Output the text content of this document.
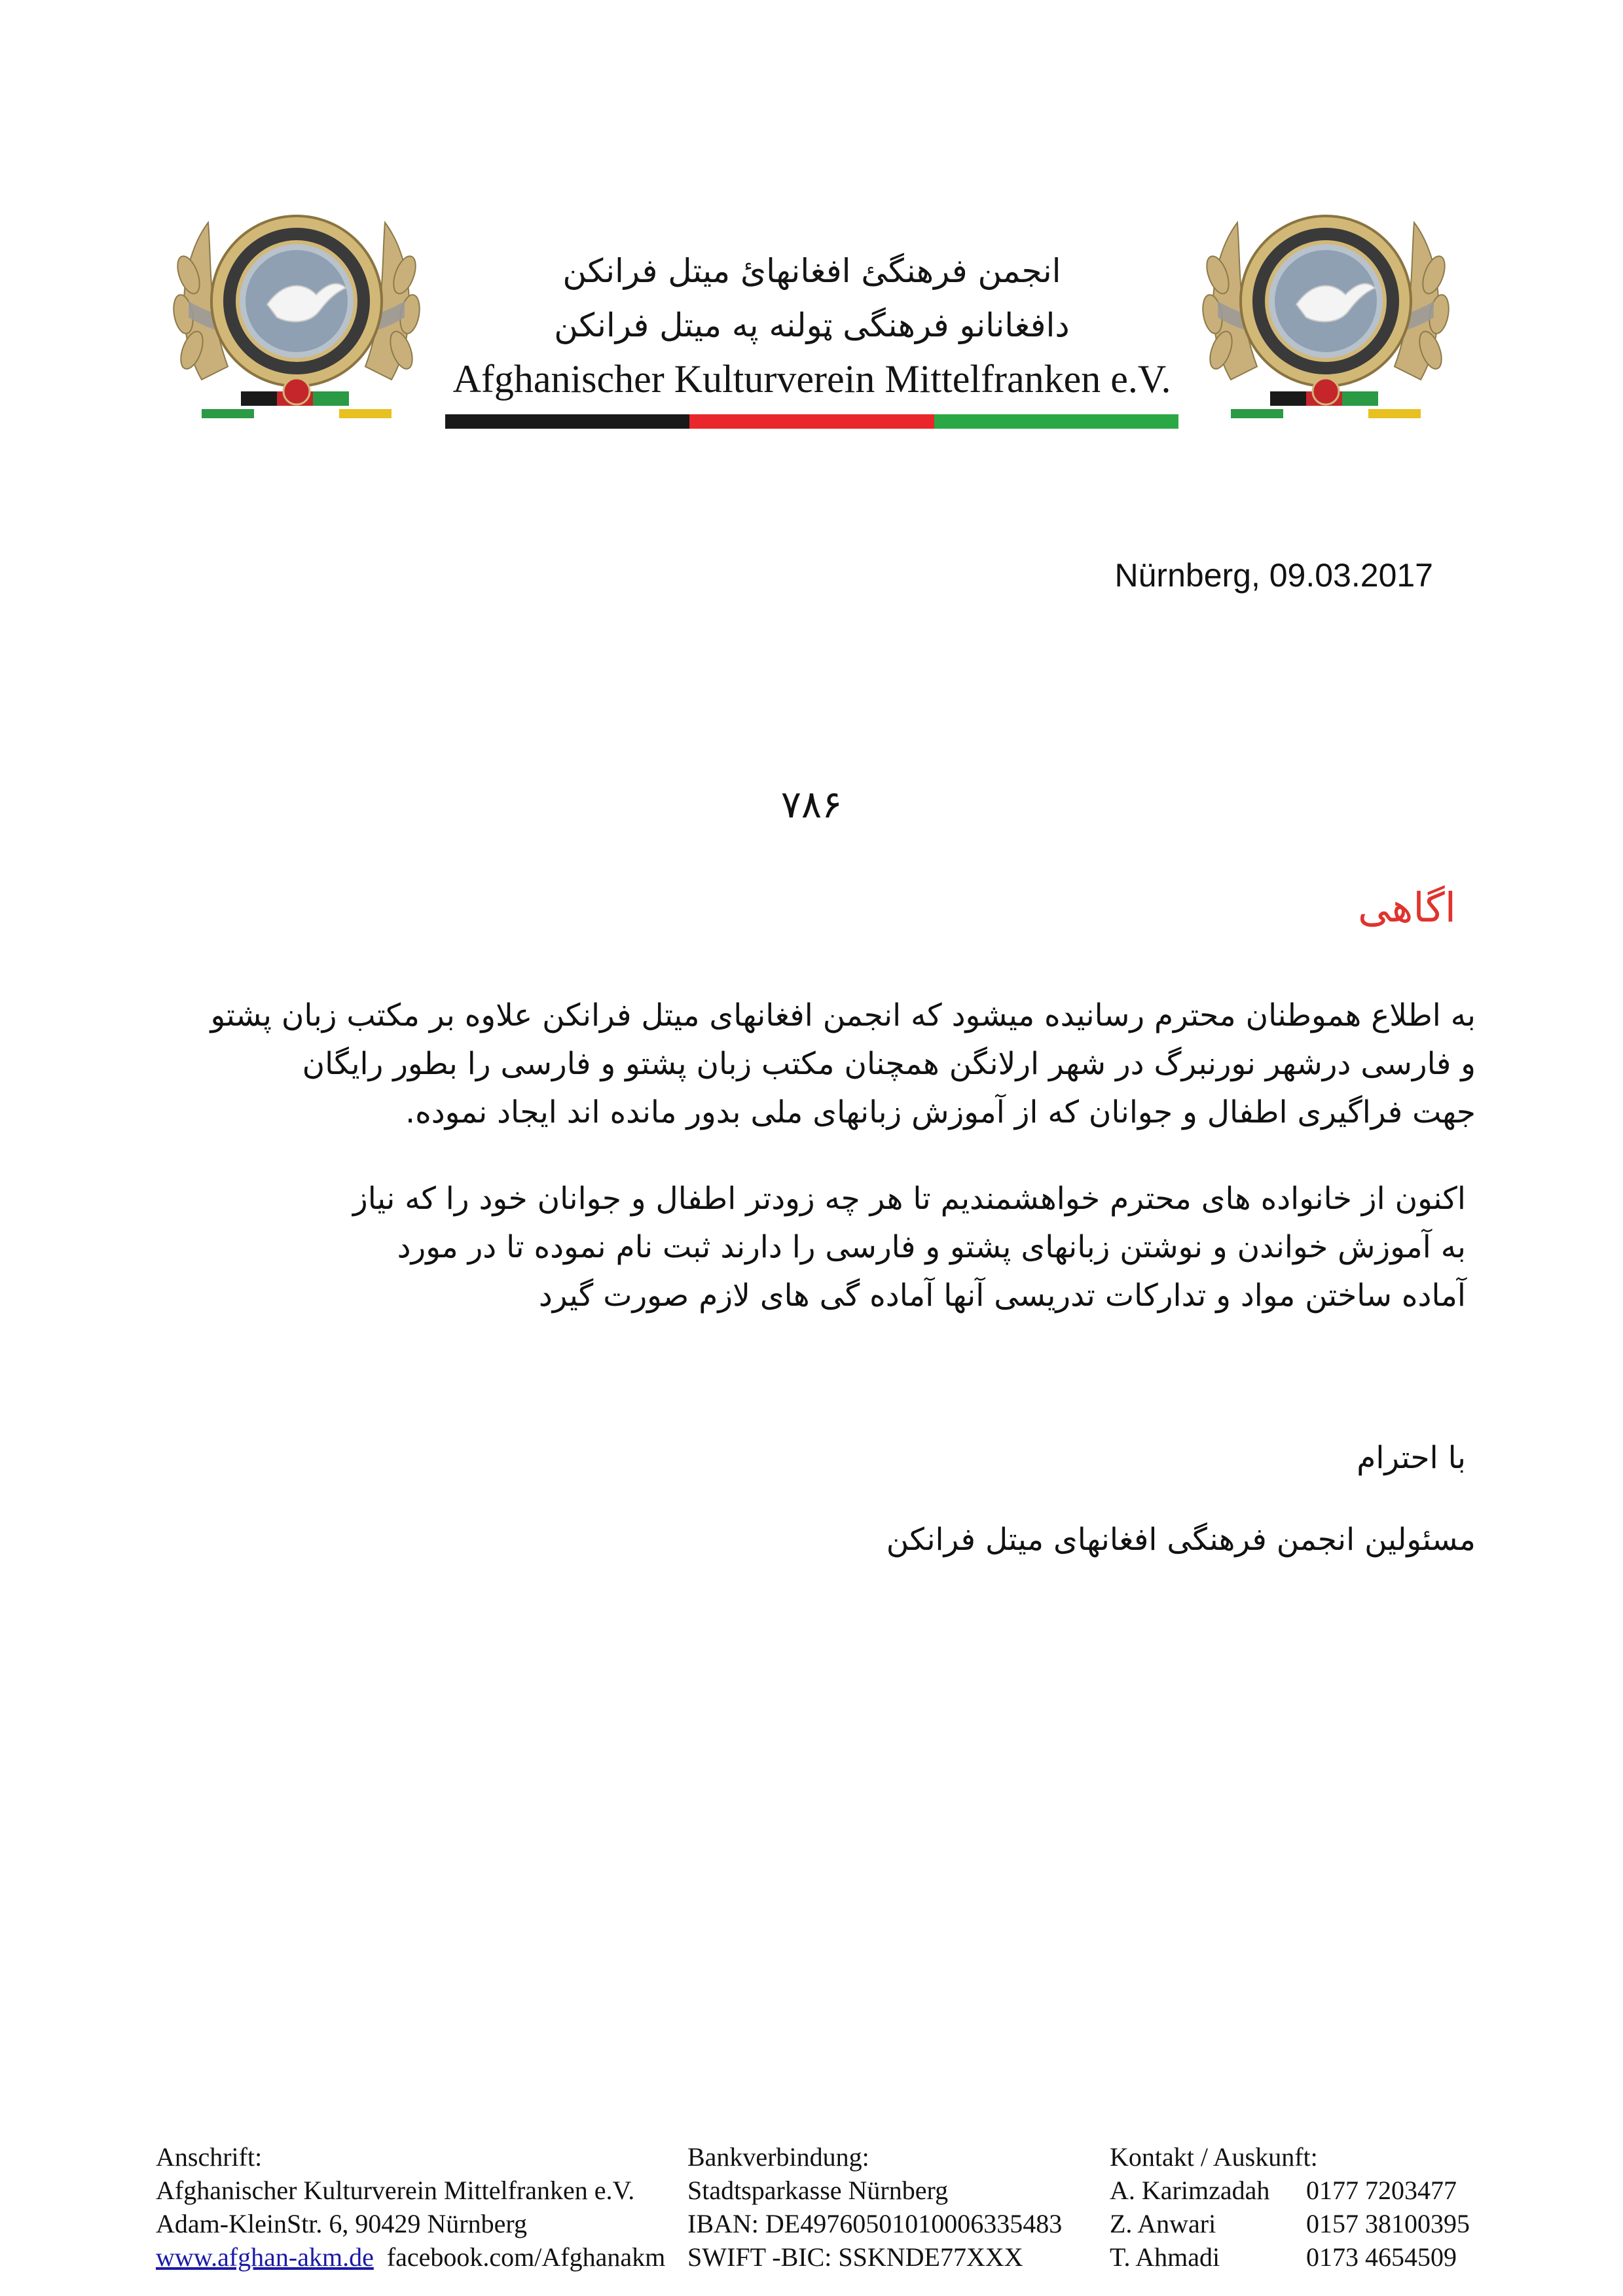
انجمن فرهنگئ افغانهائ میتل فرانکن
دافغانانو فرهنگی ټولنه په میتل فرانکن
Afghanischer Kulturverein Mittelfranken e.V.
Nürnberg, 09.03.2017
۷۸۶
اگاهی
به اطلاع هموطنان محترم رسانیده میشود که انجمن افغانهای میتل فرانکن علاوه بر مکتب زبان پشتو
و فارسی درشهر نورنبرگ در شهر ارلانگن همچنان مکتب زبان پشتو و فارسی را بطور رایگان
جهت فراگیری اطفال و جوانان که از آموزش زبانهای ملی بدور مانده اند ایجاد نموده.
اکنون از خانواده های محترم خواهشمندیم تا هر چه زودتر اطفال و جوانان خود را که نیاز
به آموزش خواندن و نوشتن زبانهای پشتو و فارسی را دارند ثبت نام نموده تا در مورد
آماده ساختن مواد و تدارکات تدریسی آنها آماده گی های لازم صورت گیرد
با احترام
مسئولین انجمن فرهنگی افغانهای میتل فرانکن
Anschrift:
Afghanischer Kulturverein Mittelfranken e.V.
Adam-KleinStr. 6, 90429 Nürnberg
www.afghan-akm.de facebook.com/Afghanakm
Bankverbindung:
Stadtsparkasse Nürnberg
IBAN: DE49760501010006335483
SWIFT -BIC: SSKNDE77XXX
Kontakt / Auskunft:
A. Karimzadah	0177 7203477
Z. Anwari	0157 38100395
T. Ahmadi	0173 4654509
